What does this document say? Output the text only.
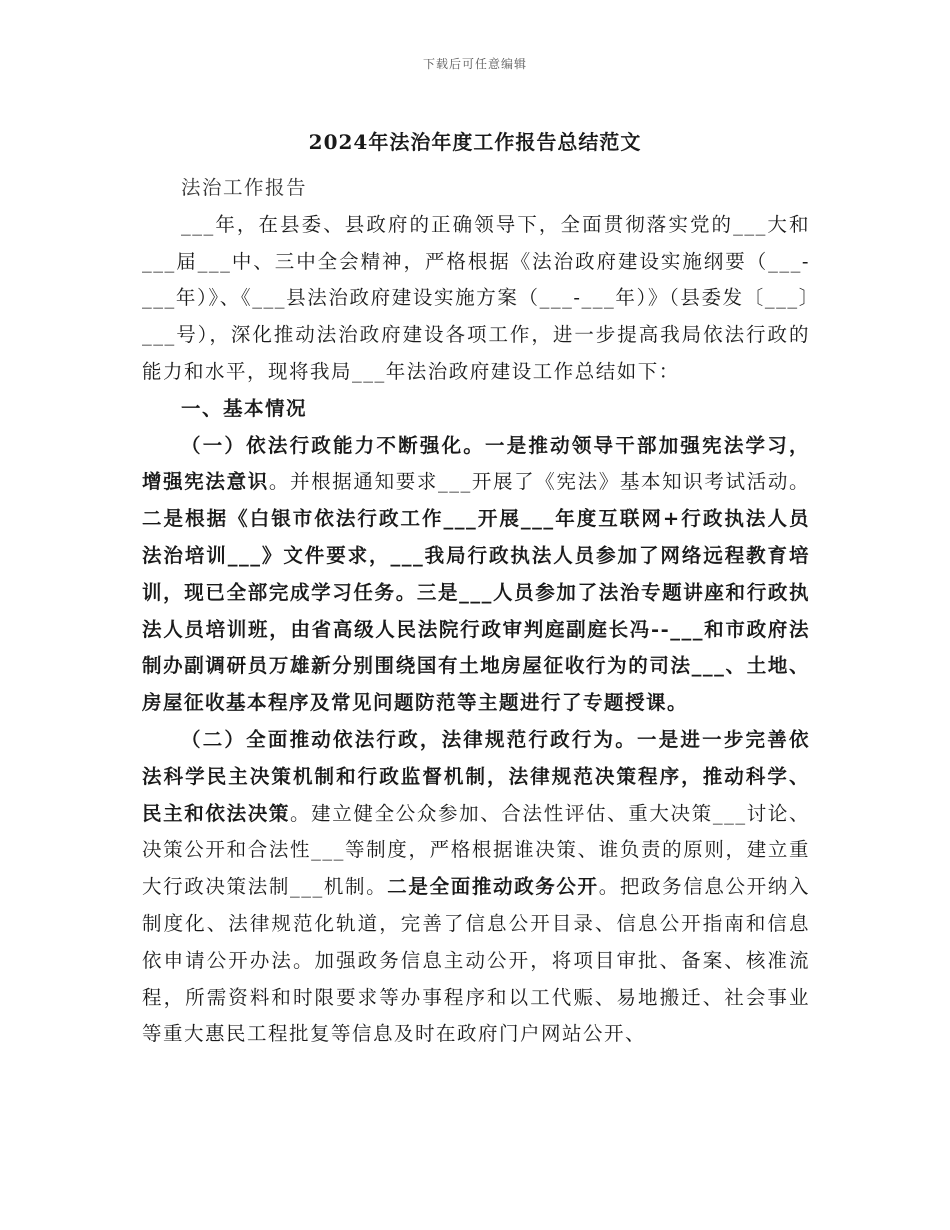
下载后可任意编辑
2024年法治年度工作报告总结范文

法治工作报告

___年，在县委、县政府的正确领导下，全面贯彻落实党的___大和___届___中、三中全会精神，严格根据《法治政府建设实施纲要（___-___年）》、《___县法治政府建设实施方案（___-___年）》（县委发〔___〕___号），深化推动法治政府建设各项工作，进一步提高我局依法行政的能力和水平，现将我局___年法治政府建设工作总结如下：

一、基本情况

（一）依法行政能力不断强化。一是推动领导干部加强宪法学习，增强宪法意识。并根据通知要求___开展了《宪法》基本知识考试活动。二是根据《白银市依法行政工作___开展___年度互联网+行政执法人员法治培训___》文件要求，___我局行政执法人员参加了网络远程教育培训，现已全部完成学习任务。三是___人员参加了法治专题讲座和行政执法人员培训班，由省高级人民法院行政审判庭副庭长冯--___和市政府法制办副调研员万雄新分别围绕国有土地房屋征收行为的司法___、土地、房屋征收基本程序及常见问题防范等主题进行了专题授课。

（二）全面推动依法行政，法律规范行政行为。一是进一步完善依法科学民主决策机制和行政监督机制，法律规范决策程序，推动科学、民主和依法决策。建立健全公众参加、合法性评估、重大决策___讨论、决策公开和合法性___等制度，严格根据谁决策、谁负责的原则，建立重大行政决策法制___机制。二是全面推动政务公开。把政务信息公开纳入制度化、法律规范化轨道，完善了信息公开目录、信息公开指南和信息依申请公开办法。加强政务信息主动公开，将项目审批、备案、核准流程，所需资料和时限要求等办事程序和以工代赈、易地搬迁、社会事业等重大惠民工程批复等信息及时在政府门户网站公开、
